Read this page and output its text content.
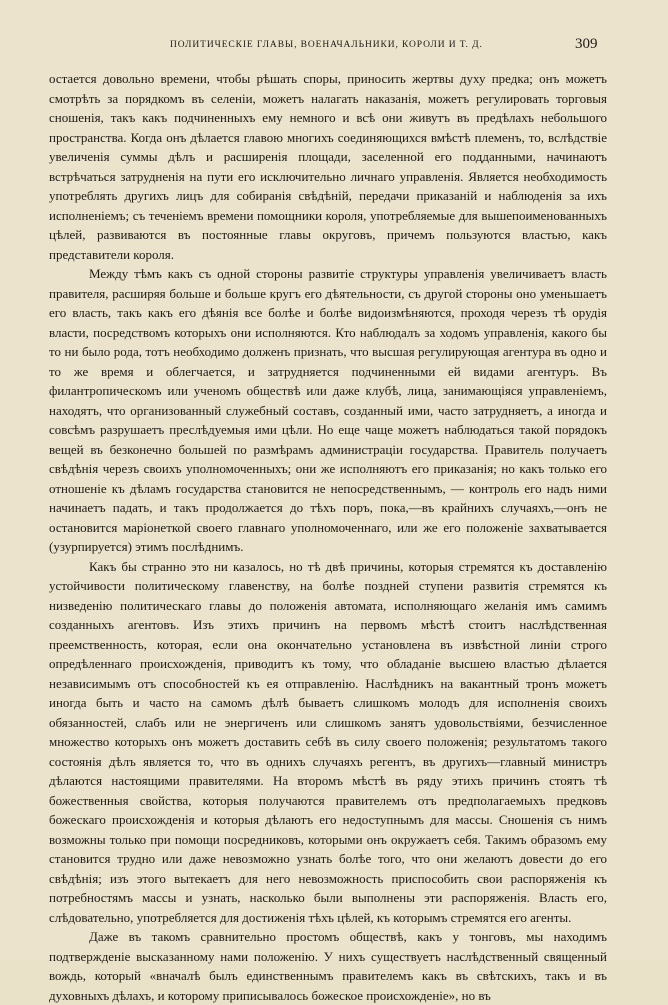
ПОЛИТИЧЕСКІЕ ГЛАВЫ, ВОЕНАЧАЛЬНИКИ, КОРОЛИ И Т. Д.	309

остается довольно времени, чтобы рѣшать споры, приносить жертвы духу предка; онъ можетъ смотрѣть за порядкомъ въ селеніи, можетъ налагать наказанія, можетъ регулировать торговыя сношенія, такъ какъ подчиненныхъ ему немного и всѣ они живутъ въ предѣлахъ небольшого пространства. Когда онъ дѣлается главою многихъ соединяющихся вмѣстѣ племенъ, то, вслѣдствіе увеличенія суммы дѣлъ и расширенія площади, заселенной его подданными, начинаютъ встрѣчаться затрудненія на пути его исключительно личнаго управленія. Является необходимость употреблять другихъ лицъ для собиранія свѣдѣній, передачи приказаній и наблюденія за ихъ исполненіемъ; съ теченіемъ времени помощники короля, употребляемые для вышепоименованныхъ цѣлей, развиваются въ постоянные главы округовъ, причемъ пользуются властью, какъ представители короля.

Между тѣмъ какъ съ одной стороны развитіе структуры управленія увеличиваетъ власть правителя, расширяя больше и больше кругъ его дѣятельности, съ другой стороны оно уменьшаетъ его власть, такъ какъ его дѣянія все болѣе и болѣе видоизмѣняются, проходя черезъ тѣ орудія власти, посредствомъ которыхъ они исполняются. Кто наблюдалъ за ходомъ управленія, какого бы то ни было рода, тотъ необходимо долженъ признать, что высшая регулирующая агентура въ одно и то же время и облегчается, и затрудняется подчиненными ей видами агентуръ. Въ филантропическомъ или ученомъ обществѣ или даже клубѣ, лица, занимающіяся управленіемъ, находятъ, что организованный служебный составъ, созданный ими, часто затрудняетъ, а иногда и совсѣмъ разрушаетъ преслѣдуемыя ими цѣли. Но еще чаще можетъ наблюдаться такой порядокъ вещей въ безконечно большей по размѣрамъ администраціи государства. Правитель получаетъ свѣдѣнія черезъ своихъ уполномоченныхъ; они же исполняютъ его приказанія; но какъ только его отношеніе къ дѣламъ государства становится не непосредственнымъ, — контроль его надъ ними начинаетъ падать, и такъ продолжается до тѣхъ поръ, пока,—въ крайнихъ случаяхъ,—онъ не остановится маріонеткой своего главнаго уполномоченнаго, или же его положеніе захватывается (узурпируется) этимъ послѣднимъ.

Какъ бы странно это ни казалось, но тѣ двѣ причины, которыя стремятся къ доставленію устойчивости политическому главенству, на болѣе поздней ступени развитія стремятся къ низведенію политическаго главы до положенія автомата, исполняющаго желанія имъ самимъ созданныхъ агентовъ. Изъ этихъ причинъ на первомъ мѣстѣ стоитъ наслѣдственная преемственность, которая, если она окончательно установлена въ извѣстной линіи строго опредѣленнаго происхожденія, приводитъ къ тому, что обладаніе высшею властью дѣлается независимымъ отъ способностей къ ея отправленію. Наслѣдникъ на вакантный тронъ можетъ иногда быть и часто на самомъ дѣлѣ бываетъ слишкомъ молодъ для исполненія своихъ обязанностей, слабъ или не энергиченъ или слишкомъ занятъ удовольствіями, безчисленное множество которыхъ онъ можетъ доставить себѣ въ силу своего положенія; результатомъ такого состоянія дѣлъ является то, что въ однихъ случаяхъ регентъ, въ другихъ—главный министръ дѣлаются настоящими правителями. На второмъ мѣстѣ въ ряду этихъ причинъ стоятъ тѣ божественныя свойства, которыя получаются правителемъ отъ предполагаемыхъ предковъ божескаго происхожденія и которыя дѣлаютъ его недоступнымъ для массы. Сношенія съ нимъ возможны только при помощи посредниковъ, которыми онъ окружаетъ себя. Такимъ образомъ ему становится трудно или даже невозможно узнать болѣе того, что они желаютъ довести до его свѣдѣнія; изъ этого вытекаетъ для него невозможность приспособить свои распоряженія къ потребностямъ массы и узнать, насколько были выполнены эти распоряженія. Власть его, слѣдовательно, употребляется для достиженія тѣхъ цѣлей, къ которымъ стремятся его агенты.

Даже въ такомъ сравнительно простомъ обществѣ, какъ у тонговъ, мы находимъ подтвержденіе высказанному нами положенію. У нихъ существуетъ наслѣдственный священный вождь, который «вначалѣ былъ единственнымъ правителемъ какъ въ свѣтскихъ, такъ и въ духовныхъ дѣлахъ, и которому приписывалось божеское происхожденіе», но въ
